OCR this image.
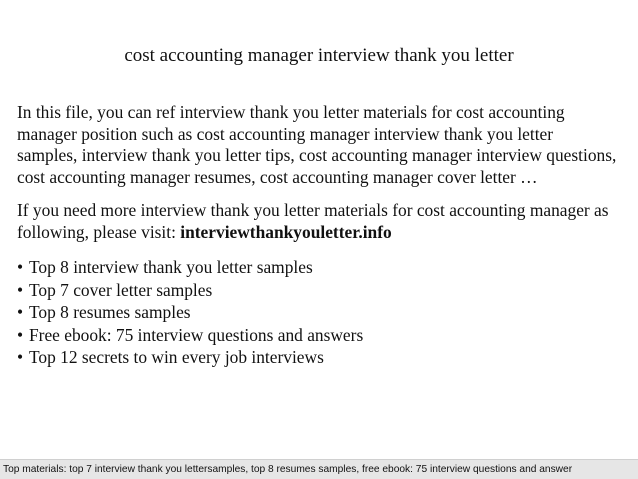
cost accounting manager interview thank you letter

In this file, you can ref interview thank you letter materials for cost accounting manager position such as cost accounting manager interview thank you letter samples, interview thank you letter tips, cost accounting manager interview questions, cost accounting manager resumes, cost accounting manager cover letter …

If you need more interview thank you letter materials for cost accounting manager as following, please visit: interviewthankyouletter.info

• Top 8 interview thank you letter samples
• Top 7 cover letter samples
• Top 8 resumes samples
• Free ebook: 75 interview questions and answers
• Top 12 secrets to win every job interviews
Top materials: top 7 interview thank you lettersamples, top 8 resumes samples, free ebook: 75 interview questions and answer
